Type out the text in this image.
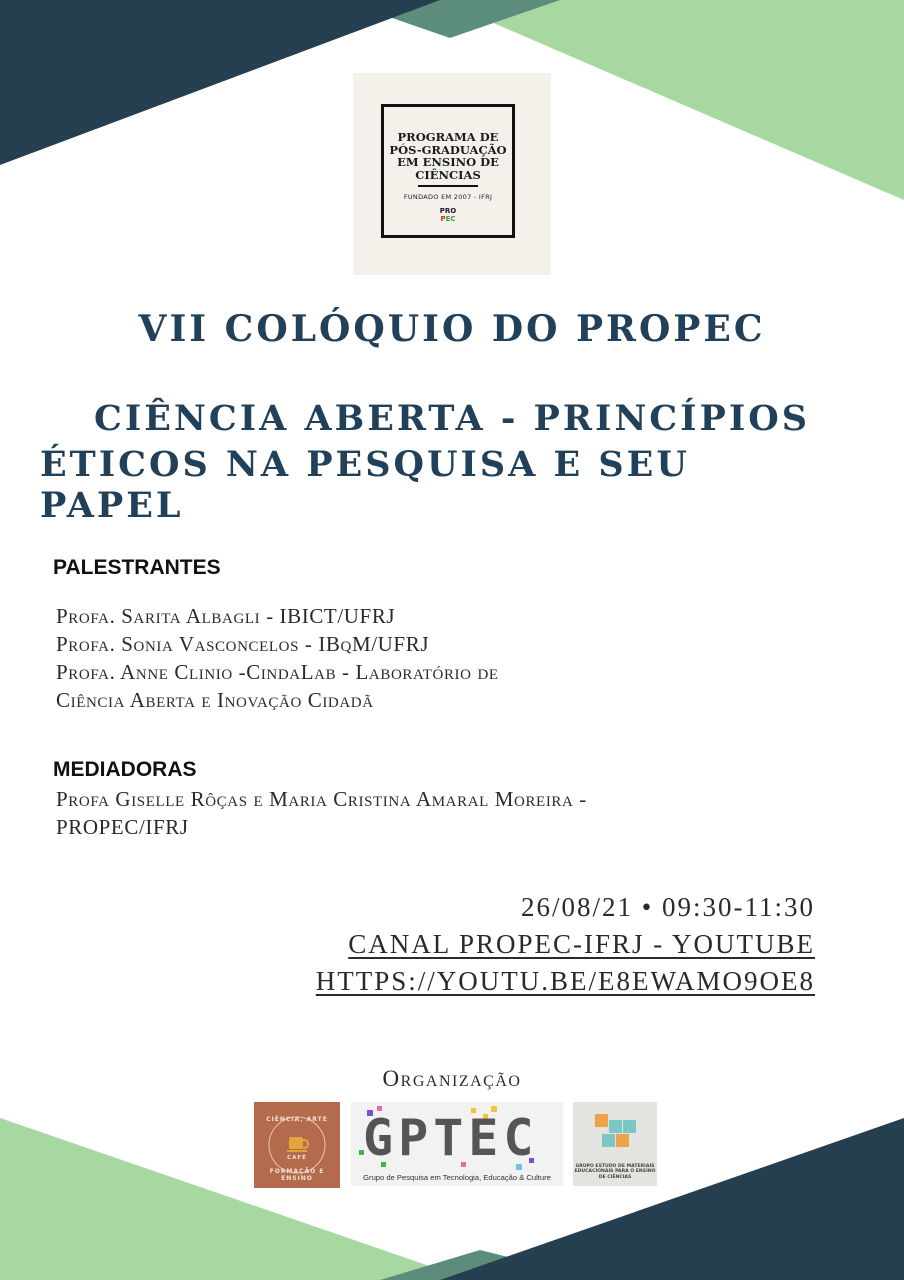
PROGRAMA DE PÓS-GRADUAÇÃO EM ENSINO DE CIÊNCIAS
FUNDADO EM 2007 - IFRJ
PRO
PEC
VII COLÓQUIO DO PROPEC
CIÊNCIA ABERTA - PRINCÍPIOS
ÉTICOS NA PESQUISA E SEU PAPEL
PALESTRANTES
Profa. Sarita Albagli - IBICT/UFRJ
Profa. Sonia Vasconcelos - IBqM/UFRJ
Profa. Anne Clinio -CindaLab - Laboratório de
Ciência Aberta e Inovação Cidadã
MEDIADORAS
Profa Giselle Rôças e Maria Cristina Amaral Moreira -
PROPEC/IFRJ
26/08/21 • 09:30-11:30
CANAL PROPEC-IFRJ - YOUTUBE
HTTPS://YOUTU.BE/E8EWAMO9OE8
Organização
CIÊNCIA, ARTE
CAFÉ
FORMAÇÃO E ENSINO
GPTEC
Grupo de Pesquisa em Tecnologia, Educação & Culture
GRUPO ESTUDO DE MATERIAIS EDUCACIONAIS PARA O ENSINO DE CIÊNCIAS
